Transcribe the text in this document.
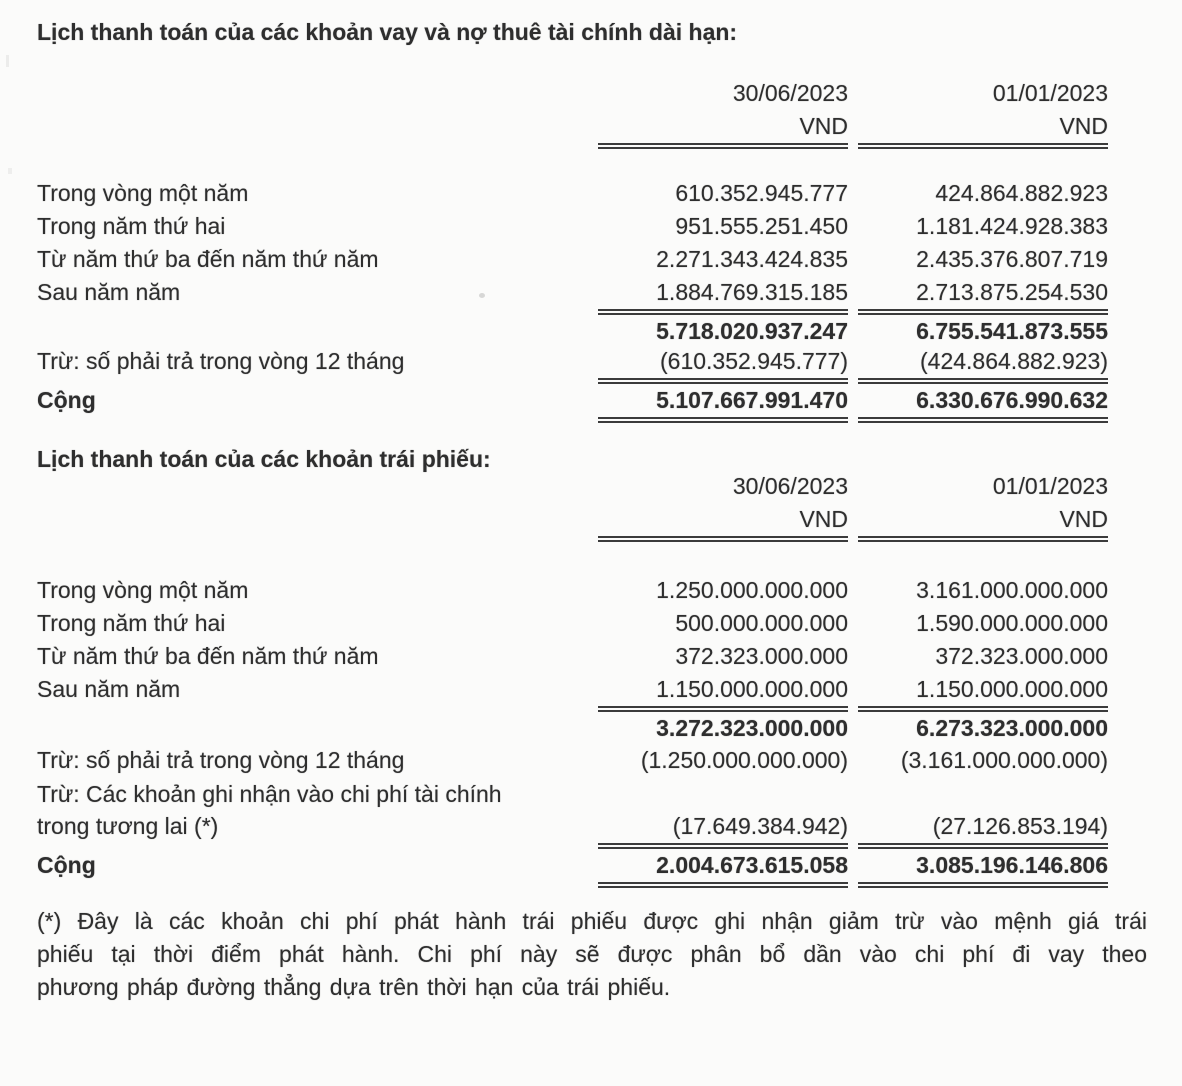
Lịch thanh toán của các khoản vay và nợ thuê tài chính dài hạn:
30/06/2023	01/01/2023
VND	VND
Trong vòng một năm	610.352.945.777	424.864.882.923
Trong năm thứ hai	951.555.251.450	1.181.424.928.383
Từ năm thứ ba đến năm thứ năm	2.271.343.424.835	2.435.376.807.719
Sau năm năm	1.884.769.315.185	2.713.875.254.530
5.718.020.937.247	6.755.541.873.555
Trừ: số phải trả trong vòng 12 tháng	(610.352.945.777)	(424.864.882.923)
Cộng	5.107.667.991.470	6.330.676.990.632
Lịch thanh toán của các khoản trái phiếu:
30/06/2023	01/01/2023
VND	VND
Trong vòng một năm	1.250.000.000.000	3.161.000.000.000
Trong năm thứ hai	500.000.000.000	1.590.000.000.000
Từ năm thứ ba đến năm thứ năm	372.323.000.000	372.323.000.000
Sau năm năm	1.150.000.000.000	1.150.000.000.000
3.272.323.000.000	6.273.323.000.000
Trừ: số phải trả trong vòng 12 tháng	(1.250.000.000.000)	(3.161.000.000.000)
Trừ: Các khoản ghi nhận vào chi phí tài chính
trong tương lai (*)	(17.649.384.942)	(27.126.853.194)
Cộng	2.004.673.615.058	3.085.196.146.806
(*) Đây là các khoản chi phí phát hành trái phiếu được ghi nhận giảm trừ vào mệnh giá trái
phiếu tại thời điểm phát hành. Chi phí này sẽ được phân bổ dần vào chi phí đi vay theo
phương pháp đường thẳng dựa trên thời hạn của trái phiếu.
